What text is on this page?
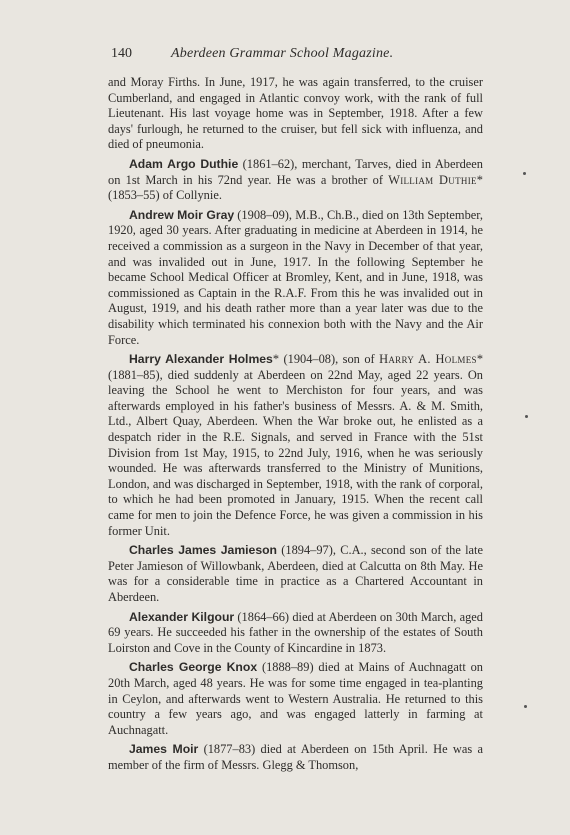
140	Aberdeen Grammar School Magazine.

and Moray Firths. In June, 1917, he was again transferred, to the cruiser Cumberland, and engaged in Atlantic convoy work, with the rank of full Lieutenant. His last voyage home was in September, 1918. After a few days' furlough, he returned to the cruiser, but fell sick with influenza, and died of pneumonia.

Adam Argo Duthie (1861–62), merchant, Tarves, died in Aberdeen on 1st March in his 72nd year. He was a brother of William Duthie* (1853–55) of Collynie.

Andrew Moir Gray (1908–09), M.B., Ch.B., died on 13th September, 1920, aged 30 years. After graduating in medicine at Aberdeen in 1914, he received a commission as a surgeon in the Navy in December of that year, and was invalided out in June, 1917. In the following September he became School Medical Officer at Bromley, Kent, and in June, 1918, was commissioned as Captain in the R.A.F. From this he was invalided out in August, 1919, and his death rather more than a year later was due to the disability which terminated his connexion both with the Navy and the Air Force.

Harry Alexander Holmes* (1904–08), son of Harry A. Holmes* (1881–85), died suddenly at Aberdeen on 22nd May, aged 22 years. On leaving the School he went to Merchiston for four years, and was afterwards employed in his father's business of Messrs. A. & M. Smith, Ltd., Albert Quay, Aberdeen. When the War broke out, he enlisted as a despatch rider in the R.E. Signals, and served in France with the 51st Division from 1st May, 1915, to 22nd July, 1916, when he was seriously wounded. He was afterwards transferred to the Ministry of Munitions, London, and was discharged in September, 1918, with the rank of corporal, to which he had been promoted in January, 1915. When the recent call came for men to join the Defence Force, he was given a commission in his former Unit.

Charles James Jamieson (1894–97), C.A., second son of the late Peter Jamieson of Willowbank, Aberdeen, died at Calcutta on 8th May. He was for a considerable time in practice as a Chartered Accountant in Aberdeen.

Alexander Kilgour (1864–66) died at Aberdeen on 30th March, aged 69 years. He succeeded his father in the ownership of the estates of South Loirston and Cove in the County of Kincardine in 1873.

Charles George Knox (1888–89) died at Mains of Auchnagatt on 20th March, aged 48 years. He was for some time engaged in tea-planting in Ceylon, and afterwards went to Western Australia. He returned to this country a few years ago, and was engaged latterly in farming at Auchnagatt.

James Moir (1877–83) died at Aberdeen on 15th April. He was a member of the firm of Messrs. Glegg & Thomson,
